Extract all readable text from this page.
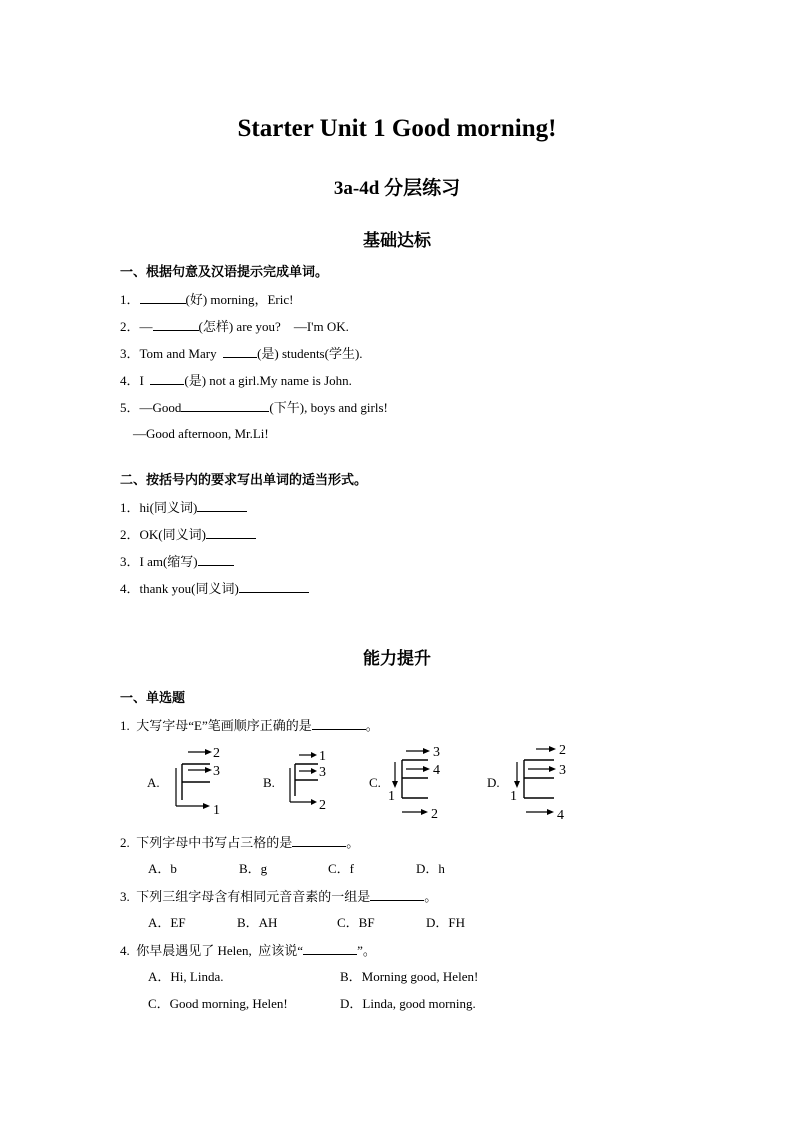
Starter Unit 1 Good morning!
3a-4d 分层练习
基础达标
一、根据句意及汉语提示完成单词。
1．	(好) morning，Eric!
2．—	(怎样) are you?    —I'm OK.
3．Tom and Mary	(是) students(学生).
4．I	(是) not a girl.My name is John.
5．—Good	(下午), boys and girls!
—Good afternoon, Mr.Li!
二、按括号内的要求写出单词的适当形式。
1．hi(同义词)
2．OK(同义词)
3．I am(缩写)
4．thank you(同义词)
能力提升
一、单选题
1.  大写字母“E”笔画顺序正确的是	。
A.
2
3
1
B.
1
3
2
C.
3
4
1
2
D.
2
3
1
4
2.  下列字母中书写占三格的是	。
A．b	B．g	C．f	D．h
3.  下列三组字母含有相同元音音素的一组是	。
A．EF	B．AH	C．BF	D．FH
4.  你早晨遇见了 Helen,  应该说“	”。
A．Hi, Linda.	B．Morning good, Helen!
C．Good morning, Helen!	D．Linda, good morning.
